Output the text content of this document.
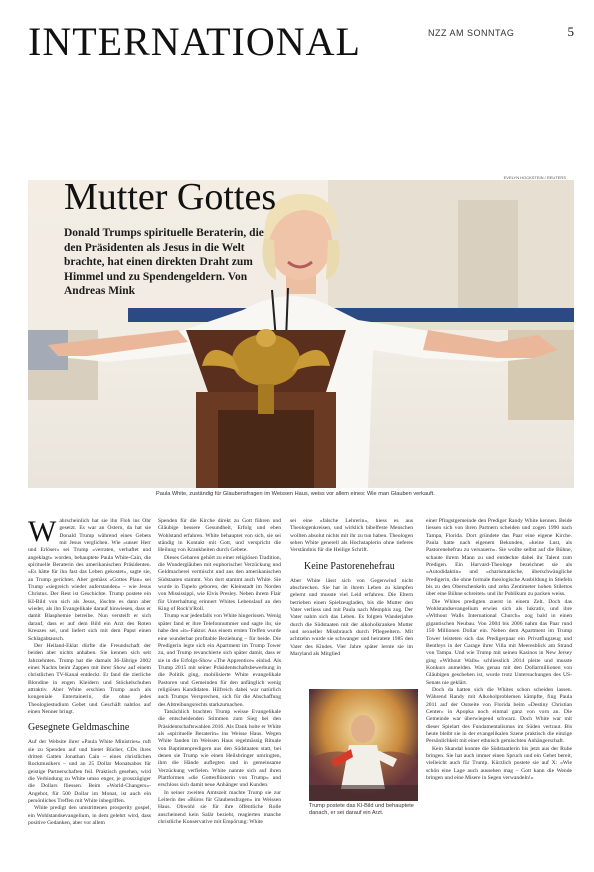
INTERNATIONAL	NZZ AM SONNTAG	5
EVELYN HOCKSTEIN / REUTERS
Mutter Gottes
Donald Trumps spirituelle Beraterin, die den Präsidenten als Jesus in die Welt brachte, hat einen direkten Draht zum Himmel und zu Spendengeldern. Von Andreas Mink
Paula White, zuständig für Glaubensfragen im Weissen Haus, weiss vor allem eines: Wie man Glauben verkauft.

Wahrscheinlich hat sie ihn Floh ins Ohr gesetzt. Es war an Ostern, da hat sie Donald Trump während eines Gebets mit Jesus verglichen. Wie «unser Herr und Erlöser» sei Trump «verraten, verhaftet und angeklagt» worden, behauptete Paula White-Cain, die spirituelle Beraterin des amerikanischen Präsidenten. «Es hätte für ihn fast das Leben gekostet», sagte sie, an Trump gerichtet. Aber gemäss «Gottes Plan» sei Trump «siegreich wieder auferstanden» – wie Jesus Christus. Der Rest ist Geschichte. Trump postete ein KI-Bild von sich als Jesus, löschte es dann aber wieder, als ihn Evangelikale darauf hinwiesen, dass er damit Blasphemie betreibe. Nun versteift er sich darauf, dass er auf dem Bild ein Arzt des Roten Kreuzes sei, und liefert sich mit dem Papst einen Schlagabtausch.

Der Heiland-Eklat dürfte die Freundschaft der beiden aber nichts anhaben. Sie kennen sich seit Jahrzehnten. Trump hat die damals 36-Jährige 2002 eines Nachts beim Zappen mit ihrer Show auf einem christlichen TV-Kanal entdeckt. Er fand die zierliche Blondine in engen Kleidern und Stöckelschuhen attraktiv. Aber White erschien Trump auch als kongeniale Entertainerin, die ohne jedes Theologiestudium Gebet und Geschäft nahtlos auf einen Nenner bringt.

Gesegnete Geldmaschine

Auf der Website ihrer «Paula White Ministries» ruft sie zu Spenden auf und bietet Bücher, CDs ihres dritten Gatten Jonathan Cain – eines christlichen Rockmusikers – und an 25 Dollar Monatsabos für geistige Partnerschaften feil. Praktisch gesehen, wird die Verbindung zu White umso enger, je grosszügiger die Dollars fliessen. Beim «World-Changers»-Angebot, für 500 Dollar im Monat, ist auch ein persönliches Treffen mit White inbegriffen.

White predigt den umstrittenen prosperity gospel, ein Wohlstandsevangelium, in dem gelehrt wird, dass positive Gedanken, aber vor allem

Spenden für die Kirche direkt zu Gott führen und Gläubige bessere Gesundheit, Erfolg und eben Wohlstand erfahren. White behauptet von sich, sie sei ständig in Kontakt mit Gott, und verspricht die Heilung von Krankheiten durch Gebete.

Dieses Gebaren gehört zu einer religiösen Tradition, die Wundergläuben mit euphorischer Verzückung und Geldmacherei vermischt und aus den amerikanischen Südstaaten stammt. Von dort stammt auch White. Sie wurde in Tupelo geboren, der Kleinstadt im Norden von Mississippi, wie Elvis Presley. Neben ihrem Flair für Unterhaltung erinnert Whites Lebenslauf an den King of Rock'n'Roll.

Trump war jedenfalls von White hingerissen. Wenig später fand er ihre Telefonnummer und sagte ihr, sie habe den «it»-Faktor. Aus einem ersten Treffen wurde eine wunderbar profitable Beziehung – für beide. Die Predigerin legte sich ein Apartment im Trump Tower zu, und Trump revanchierte sich später damit, dass er sie in die Erfolgs-Show «The Apprentice» einlud. Als Trump 2015 mit seiner Präsidentschaftsbewerbung in die Politik ging, mobilisierte White evangelikale Pastoren und Gemeinden für den anfänglich wenig religiösen Kandidaten. Hilfreich dabei war natürlich auch Trumps Versprechen, sich für die Abschaffung des Abtreibungsrechts starkzumachen.

Tatsächlich brachten Trump weisse Evangelikale die entscheidenden Stimmen zum Sieg bei den Präsidentschaftswahlen 2016. Als Dank holte er White als «spirituelle Beraterin» ins Weisse Haus. Wegen White fanden im Weissen Haus regelmässig Rituale von Baptistenpredigern aus den Südstaaten statt, bei denen sie Trump wie einen Heilsbringer umringten, ihm die Hände auflegten und in gemeinsame Verzückung verfielen. White nannte sich auf ihren Plattformen «die Gottesflüsterin von Trump» und erschloss sich damit neue Anhänger und Kunden.

In seiner zweiten Amtszeit machte Trump sie zur Leiterin des «Büros für Glaubensfragen» im Weissen Haus. Obwohl sie für ihre öffentliche Rolle anscheinend kein Salär bezieht, reagierten manche christliche Konservative mit Empörung: White

sei eine «falsche Lehrerin», hiess es aus Theologenkreisen, und wirklich bibelfeste Menschen wollten absolut nichts mit ihr zu tun haben. Theologen sehen White generell als Hochstaplerin ohne tieferes Verständnis für die Heilige Schrift.

Keine Pastorenehefrau

Aber White lässt sich von Gegenwind nicht abschrecken. Sie hat in ihrem Leben zu kämpfen gelernt und musste viel Leid erfahren. Die Eltern betrieben einen Spielzeugladen, bis die Mutter den Vater verliess und mit Paula nach Memphis zog. Der Vater nahm sich das Leben. Es folgten Wanderjahre durch die Südstaaten mit der alkoholkranken Mutter und sexueller Missbrauch durch Pflegeeltern. Mit achtzehn wurde sie schwanger und heiratete 1985 den Vater des Kindes. Vier Jahre später lernte sie im Maryland als Mitglied

Trump postete das KI-Bild und behauptete danach, er sei darauf ein Arzt.

einer Pfingstgemeinde den Prediger Randy White kennen. Beide liessen sich von ihren Partnern scheiden und zogen 1990 nach Tampa, Florida. Dort gründete das Paar eine eigene Kirche. Paula hatte nach eigenem Bekunden, «keine Lust, als Pastorenehefrau zu versauern». Sie wollte selbst auf die Bühne, schaute ihrem Mann zu und entdeckte dabei ihr Talent zum Predigen. Ein Harvard-Theologe bezeichnet sie als «Autodidaktin» und «charismatische, überschwängliche Predigerin, die ohne formale theologische Ausbildung in Stiefeln bis zu den Oberschenkeln und zehn Zentimeter hohen Stilettos über eine Bühne schreitet» und ihr Publikum zu packen weiss.

Die Whites predigten zuerst in einem Zelt. Doch das Wohlstandsevangelium erwies sich als lukrativ, und ihre «Without Walls International Church» zog bald in einen gigantischen Neubau. Von 2004 bis 2006 nahm das Paar rund 150 Millionen Dollar ein. Neben dem Apartment im Trump Tower leisteten sich das Predigerpaar ein Privatflugzeug und Bentleys in der Garage ihrer Villa mit Meeresblick am Strand von Tampa. Und wie Trump mit seinen Kasinos in New Jersey ging «Without Walls» schliesslich 2014 pleite und musste Konkurs anmelden. Was genau mit den Dollarmillionen von Gläubigen geschehen ist, wurde trotz Untersuchungen des US-Senats nie geklärt.

Doch da hatten sich die Whites schon scheiden lassen. Während Randy mit Alkoholproblemen kämpfte, fing Paula 2011 auf der Ostseite von Florida beim «Destiny Christian Center» in Apopka noch einmal ganz von vorn an. Die Gemeinde war überwiegend schwarz. Doch White war mit dieser Spielart des Fundamentalismus im Süden vertraut. Bis heute bleibt sie in der evangelikalen Szene praktisch die einzige Persönlichkeit mit einer ethnisch gemischten Anhängerschaft.

Kein Skandal konnte die Südstaatlerin bis jetzt aus der Ruhe bringen. Sie hat auch immer einen Spruch und ein Gebet bereit, vielleicht auch für Trump. Kürzlich postete sie auf X: «Wie schön eine Lage auch aussehen mag – Gott kann die Wende bringen und eine Misere in Segen verwandeln!»
